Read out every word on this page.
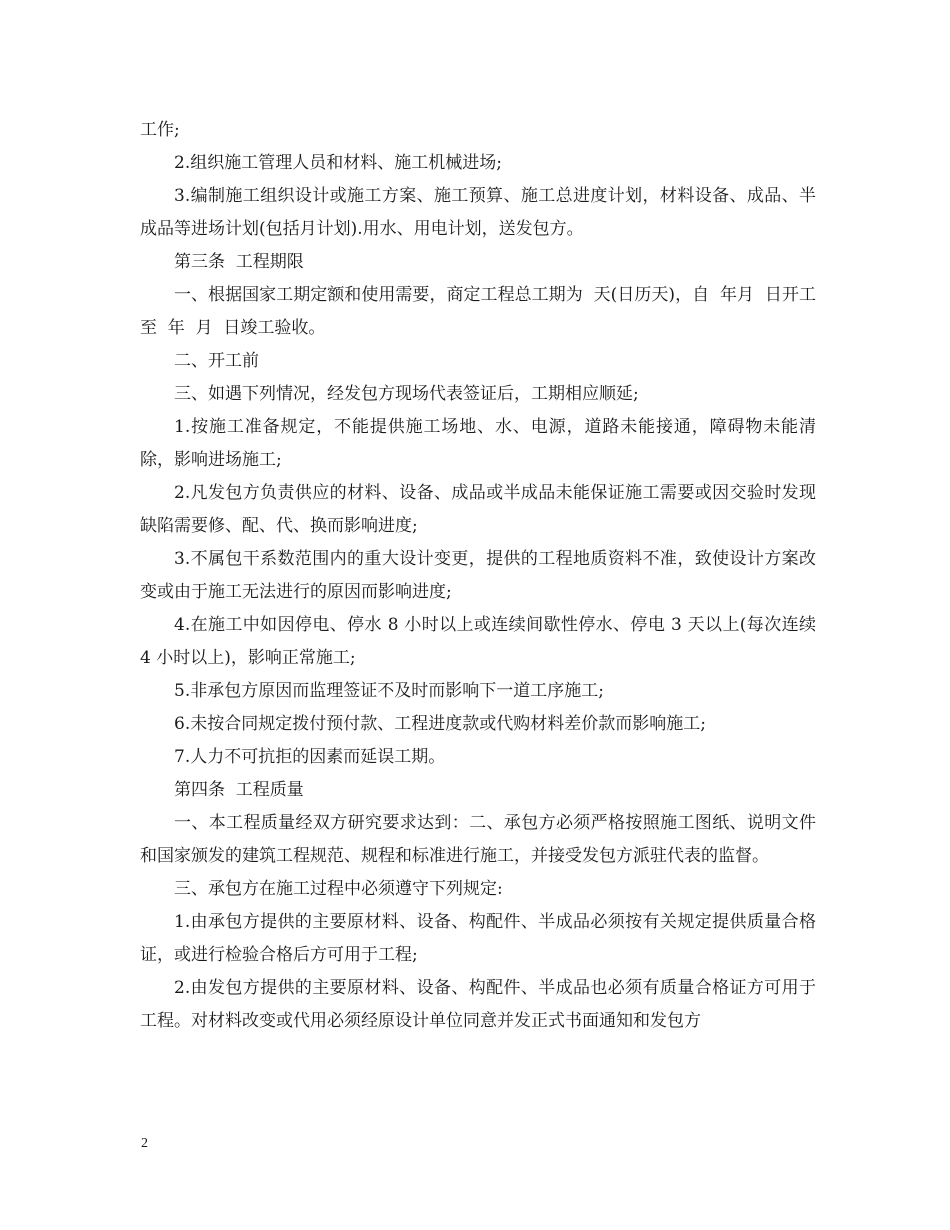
工作;

2.组织施工管理人员和材料、施工机械进场;

3.编制施工组织设计或施工方案、施工预算、施工总进度计划，材料设备、成品、半成品等进场计划(包括月计划).用水、用电计划，送发包方。

第三条  工程期限

一、根据国家工期定额和使用需要，商定工程总工期为  天(日历天)，自  年月  日开工至  年  月  日竣工验收。

二、开工前

三、如遇下列情况，经发包方现场代表签证后，工期相应顺延;

1.按施工准备规定，不能提供施工场地、水、电源，道路未能接通，障碍物未能清除，影响进场施工;

2.凡发包方负责供应的材料、设备、成品或半成品未能保证施工需要或因交验时发现缺陷需要修、配、代、换而影响进度;

3.不属包干系数范围内的重大设计变更，提供的工程地质资料不准，致使设计方案改变或由于施工无法进行的原因而影响进度;

4.在施工中如因停电、停水 8 小时以上或连续间歇性停水、停电 3 天以上(每次连续 4 小时以上)，影响正常施工;

5.非承包方原因而监理签证不及时而影响下一道工序施工;

6.未按合同规定拨付预付款、工程进度款或代购材料差价款而影响施工;

7.人力不可抗拒的因素而延误工期。

第四条  工程质量

一、本工程质量经双方研究要求达到：二、承包方必须严格按照施工图纸、说明文件和国家颁发的建筑工程规范、规程和标准进行施工，并接受发包方派驻代表的监督。

三、承包方在施工过程中必须遵守下列规定:

1.由承包方提供的主要原材料、设备、构配件、半成品必须按有关规定提供质量合格证，或进行检验合格后方可用于工程;

2.由发包方提供的主要原材料、设备、构配件、半成品也必须有质量合格证方可用于工程。对材料改变或代用必须经原设计单位同意并发正式书面通知和发包方

2
